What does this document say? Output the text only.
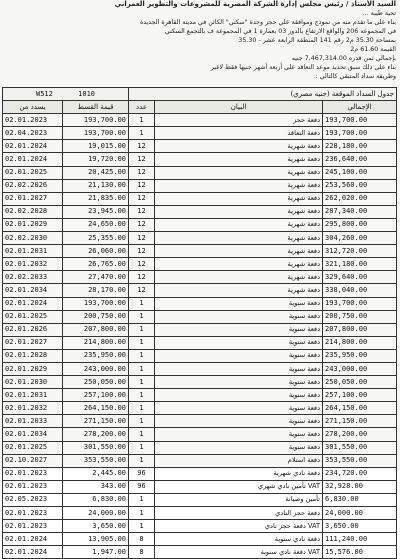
السيد الأستاذ / رئيس مجلس إدارة الشركة المصرية للمشروعات والتطوير العمراني
تحية طيبة ...
بناء على ما تقدم منه من نموذج وموافقة علي حجز وحدة "سكني" الكائن في مدينة القاهرة الجديدة
في المجموعة 206 والواقع الارتفاع بالدور 03 بعمارة 1 في المجموعة ف بالتجمع السكني
بمساحة 35.30 م2 رقم 141 المنطقة الرابعة عشر - 35.30
القيمة 61.60 م2
بإجمالي ثمن قدره 7,467,314.00 جنيه
بناء على ذلك سبق تحديد موعد التعاقد على أربعة أشهر جنيها فقط لاغير
وطريقة سداد المتبقي كالتالي :
W512 1010		جدول السداد الموقعة (جنيه مصري)		
يسدد من	قيمة القسط	عدد	البيان	الإجمالي
02.01.2023	193,700.00	1	دفعة حجز	193,700.00
02.04.2023	193,700.00	1	دفعة التعاقد	193,700.00
02.01.2024	19,015.00	12	دفعة شهرية	228,180.00
02.01.2024	19,720.00	12	دفعة شهرية	236,640.00
02.01.2025	20,425.00	12	دفعة شهرية	245,100.00
02.02.2026	21,130.00	12	دفعة شهرية	253,560.00
02.01.2027	21,835.00	12	دفعة شهرية	262,020.00
02.02.2028	23,945.00	12	دفعة شهرية	287,340.00
02.01.2029	24,650.00	12	دفعة شهرية	295,800.00
02.02.2030	25,355.00	12	دفعة شهرية	304,260.00
02.01.2031	26,060.00	12	دفعة شهرية	312,720.00
02.01.2032	26,765.00	12	دفعة شهرية	321,180.00
02.02.2033	27,470.00	12	دفعة شهرية	329,640.00
02.01.2034	28,170.00	12	دفعة شهرية	338,040.00
02.01.2024	193,700.00	1	دفعة سنوية	193,700.00
02.01.2025	200,750.00	1	دفعة سنوية	200,750.00
02.01.2026	207,800.00	1	دفعة سنوية	207,800.00
02.01.2027	214,800.00	1	دفعة سنوية	214,800.00
02.01.2028	235,950.00	1	دفعة سنوية	235,950.00
02.01.2029	243,000.00	1	دفعة سنوية	243,000.00
02.01.2030	250,050.00	1	دفعة سنوية	250,050.00
02.01.2031	257,100.00	1	دفعة سنوية	257,100.00
02.01.2032	264,150.00	1	دفعة سنوية	264,150.00
02.01.2033	271,150.00	1	دفعة سنوية	271,150.00
02.01.2034	278,200.00	1	دفعة سنوية	278,200.00
02.01.2025	301,550.00	1	دفعة سنوية	301,550.00
02.10.2027	353,550.00	1	دفعة استلام	353,550.00
02.01.2023	2,445.00	96	دفعة نادي شهرية	234,720.00
02.01.2023	343.00	96	VAT تأمين نادي شهري	32,928.00
02.05.2023	6,830.00	1	تأمين وصيانة	6,830.00
02.01.2023	24,000.00	1	دفعة حجز النادي	24,000.00
02.01.2023	3,650.00	1	VAT دفعة حجز نادي	3,650.00
02.01.2024	13,905.00	8	دفعة نادي سنوية	111,240.00
02.01.2024	1,947.00	8	VAT دفعة نادي سنوية	15,576.00
